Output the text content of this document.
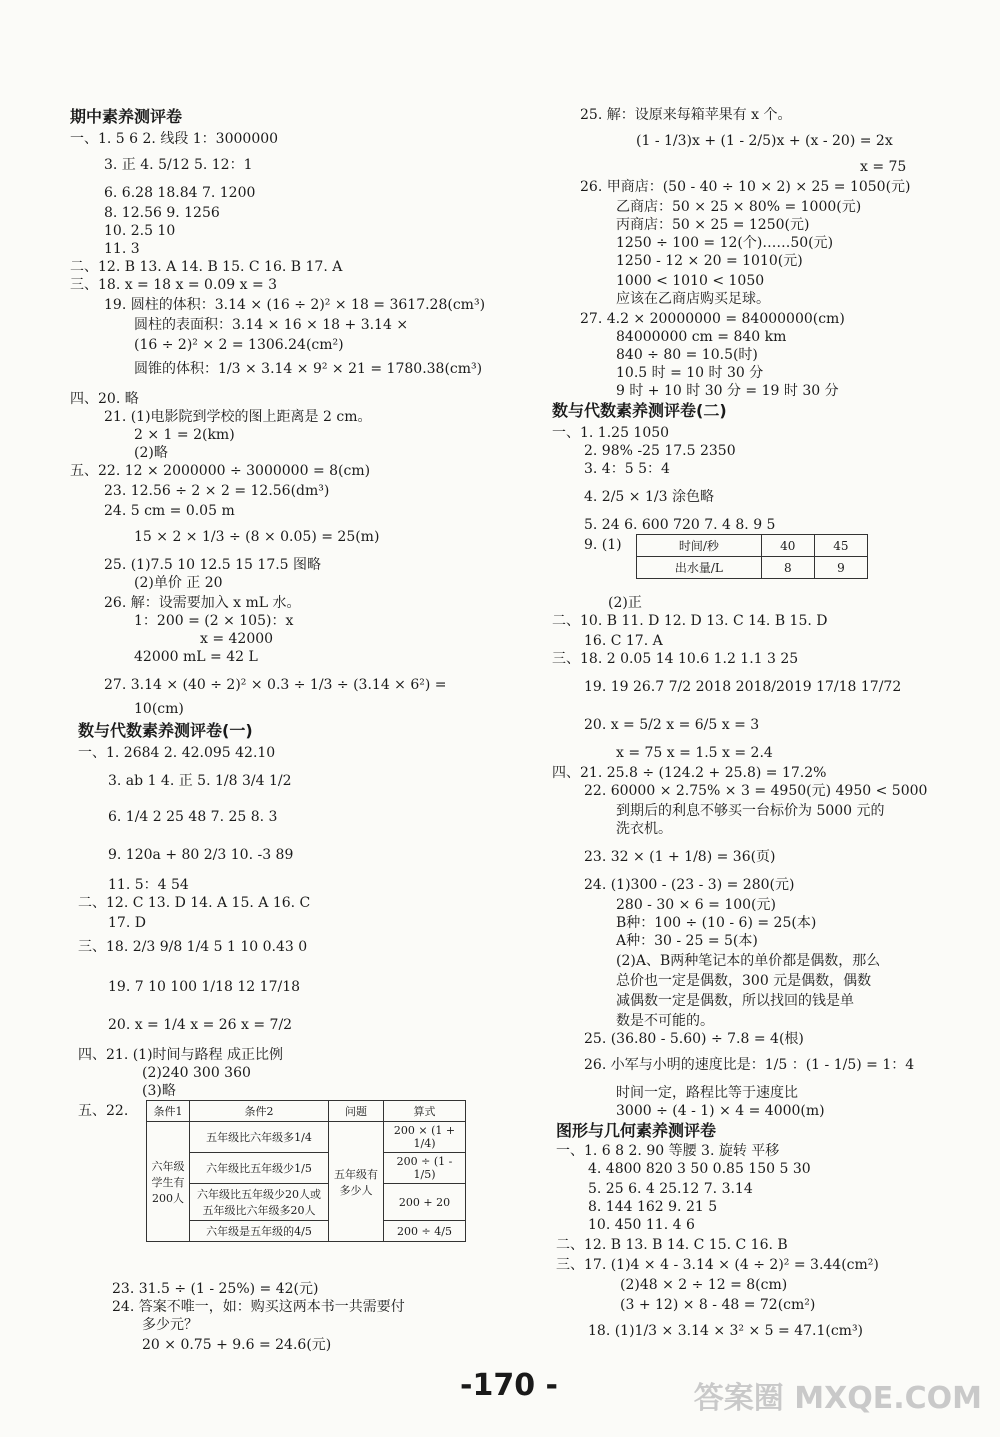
期中素养测评卷
一、1. 5 6 2. 线段 1：3000000
3. 正 4. 5/12 5. 12：1
6. 6.28 18.84 7. 1200
8. 12.56 9. 1256
10. 2.5 10
11. 3
二、12. B 13. A 14. B 15. C 16. B 17. A
三、18. x = 18 x = 0.09 x = 3
19. 圆柱的体积：3.14 × (16 ÷ 2)² × 18 = 3617.28(cm³)
圆柱的表面积：3.14 × 16 × 18 + 3.14 ×
(16 ÷ 2)² × 2 = 1306.24(cm²)
圆锥的体积：1/3 × 3.14 × 9² × 21 = 1780.38(cm³)
四、20. 略
21. (1)电影院到学校的图上距离是 2 cm。
2 × 1 = 2(km)
(2)略
五、22. 12 × 2000000 ÷ 3000000 = 8(cm)
23. 12.56 ÷ 2 × 2 = 12.56(dm³)
24. 5 cm = 0.05 m
15 × 2 × 1/3 ÷ (8 × 0.05) = 25(m)
25. (1)7.5 10 12.5 15 17.5 图略
(2)单价 正 20
26. 解：设需要加入 x mL 水。
1：200 = (2 × 105)：x
x = 42000
42000 mL = 42 L
27. 3.14 × (40 ÷ 2)² × 0.3 ÷ 1/3 ÷ (3.14 × 6²) =
10(cm)
数与代数素养测评卷(一)
一、1. 2684 2. 42.095 42.10
3. ab 1 4. 正 5. 1/8 3/4 1/2
6. 1/4 2 25 48 7. 25 8. 3
9. 120a + 80 2/3 10. -3 89
11. 5：4 54
二、12. C 13. D 14. A 15. A 16. C
17. D
三、18. 2/3 9/8 1/4 5 1 10 0.43 0
19. 7 10 100 1/18 12 17/18
20. x = 1/4 x = 26 x = 7/2
四、21. (1)时间与路程 成正比例
(2)240 300 360
(3)略
五、22. 条件1	条件2	问题	算式
六年级学生有200人	五年级比六年级多1/4	五年级有多少人	200 × (1 + 1/4)
	六年级比五年级少1/5		200 ÷ (1 - 1/5)
	六年级比五年级少20人或五年级比六年级多20人		200 + 20
	六年级是五年级的4/5		200 ÷ 4/5
23. 31.5 ÷ (1 - 25%) = 42(元)
24. 答案不唯一，如：购买这两本书一共需要付
多少元？
20 × 0.75 + 9.6 = 24.6(元)
25. 解：设原来每箱苹果有 x 个。
(1 - 1/3)x + (1 - 2/5)x + (x - 20) = 2x
x = 75
26. 甲商店：(50 - 40 ÷ 10 × 2) × 25 = 1050(元)
乙商店：50 × 25 × 80% = 1000(元)
丙商店：50 × 25 = 1250(元)
1250 ÷ 100 = 12(个)……50(元)
1250 - 12 × 20 = 1010(元)
1000 < 1010 < 1050
应该在乙商店购买足球。
27. 4.2 × 20000000 = 84000000(cm)
84000000 cm = 840 km
840 ÷ 80 = 10.5(时)
10.5 时 = 10 时 30 分
9 时 + 10 时 30 分 = 19 时 30 分
数与代数素养测评卷(二)
一、1. 1.25 1050
2. 98% -25 17.5 2350
3. 4：5 5：4
4. 2/5 × 1/3 涂色略
5. 24 6. 600 720 7. 4 8. 9 5
9. (1)	时间/秒	40	45
出水量/L	8	9
(2)正
二、10. B 11. D 12. D 13. C 14. B 15. D
16. C 17. A
三、18. 2 0.05 14 10.6 1.2 1.1 3 25
19. 19 26.7 7/2 2018 2018/2019 17/18 17/72
20. x = 5/2 x = 6/5 x = 3
x = 75 x = 1.5 x = 2.4
四、21. 25.8 ÷ (124.2 + 25.8) = 17.2%
22. 60000 × 2.75% × 3 = 4950(元) 4950 < 5000
到期后的利息不够买一台标价为 5000 元的
洗衣机。
23. 32 × (1 + 1/8) = 36(页)
24. (1)300 - (23 - 3) = 280(元)
280 - 30 × 6 = 100(元)
B种：100 ÷ (10 - 6) = 25(本)
A种：30 - 25 = 5(本)
(2)A、B两种笔记本的单价都是偶数，那么
总价也一定是偶数，300 元是偶数，偶数
减偶数一定是偶数，所以找回的钱是单
数是不可能的。
25. (36.80 - 5.60) ÷ 7.8 = 4(根)
26. 小军与小明的速度比是：1/5 ：(1 - 1/5) = 1：4
时间一定，路程比等于速度比
3000 ÷ (4 - 1) × 4 = 4000(m)
图形与几何素养测评卷
一、1. 6 8 2. 90 等腰 3. 旋转 平移
4. 4800 820 3 50 0.85 150 5 30
5. 25 6. 4 25.12 7. 3.14
8. 144 162 9. 21 5
10. 450 11. 4 6
二、12. B 13. B 14. C 15. C 16. B
三、17. (1)4 × 4 - 3.14 × (4 ÷ 2)² = 3.44(cm²)
(2)48 × 2 ÷ 12 = 8(cm)
(3 + 12) × 8 - 48 = 72(cm²)
18. (1)1/3 × 3.14 × 3² × 5 = 47.1(cm³)
-170 -	答案圈 MXQE.COM
